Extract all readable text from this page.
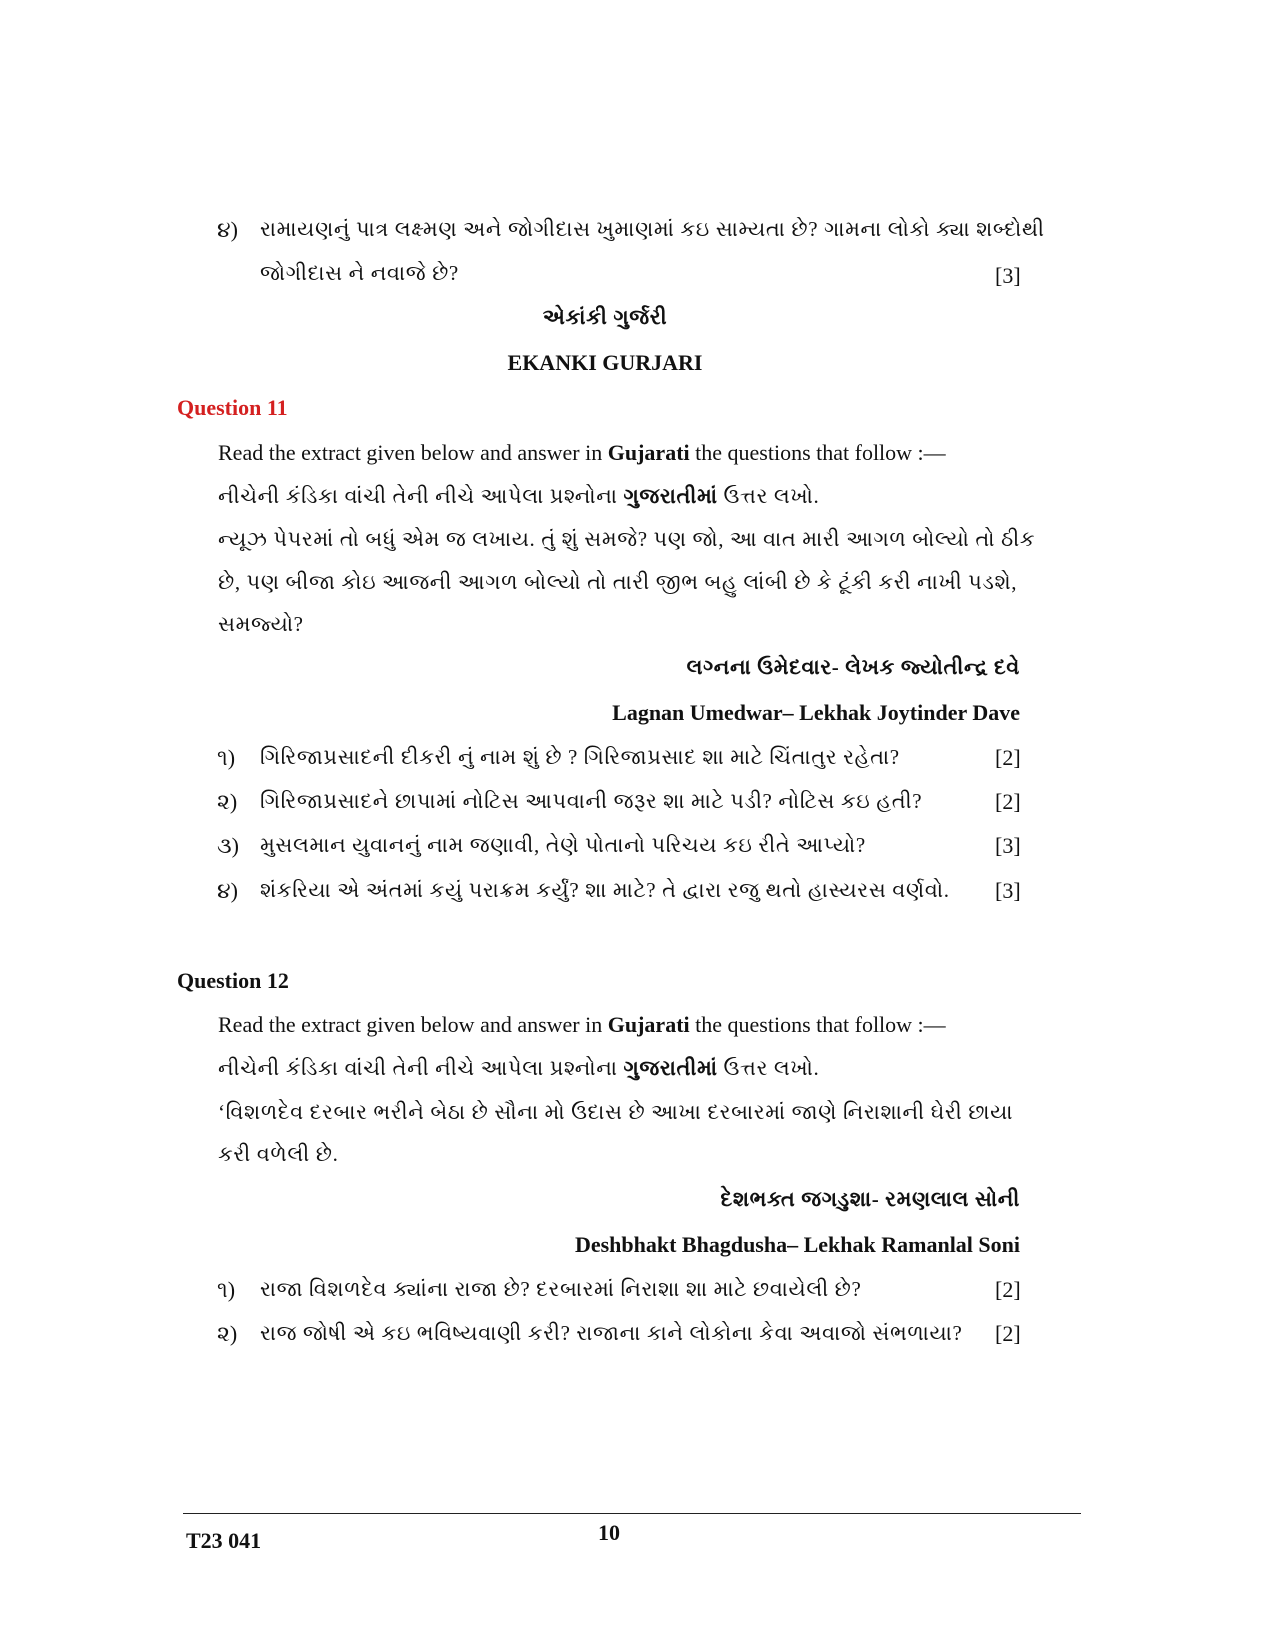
૪) રામાયણનું પાત્ર લક્ષ્મણ અને જોગીદાસ ખુમાણમાં કઇ સામ્યતા છે? ગામના લોકો ક્યા શબ્દોથી
જોગીદાસ ને નવાજે છે?	[3]
એકાંકી ગુર્જરી
EKANKI GURJARI
Question 11
Read the extract given below and answer in Gujarati the questions that follow :—
નીચેની કંડિકા વાંચી તેની નીચે આપેલા પ્રશ્નોના ગુજરાતીમાં ઉત્તર લખો.
ન્યૂઝ પેપરમાં તો બધું એમ જ લખાય. તું શું સમજે? પણ જો, આ વાત મારી આગળ બોલ્યો તો ઠીક
છે, પણ બીજા કોઇ આજની આગળ બોલ્યો તો તારી જીભ બહુ લાંબી છે કે ટૂંકી કરી નાખી પડશે,
સમજ્યો?
લગ્નના ઉમેદવાર- લેખક જ્યોતીન્દ્ર દવે
Lagnan Umedwar– Lekhak Joytinder Dave
૧) ગિરિજાપ્રસાદની દીકરી નું નામ શું છે ? ગિરિજાપ્રસાદ શા માટે ચિંતાતુર રહેતા?	[2]
૨) ગિરિજાપ્રસાદને છાપામાં નોટિસ આપવાની જરૂર શા માટે પડી? નોટિસ કઇ હતી?	[2]
૩) મુસલમાન યુવાનનું નામ જણાવી, તેણે પોતાનો પરિચય કઇ રીતે આપ્યો?	[3]
૪) શંકરિયા એ અંતમાં કયું પરાક્રમ કર્યું? શા માટે? તે દ્વારા રજુ થતો હાસ્યરસ વર્ણવો. [3]
Question 12
Read the extract given below and answer in Gujarati the questions that follow :—
નીચેની કંડિકા વાંચી તેની નીચે આપેલા પ્રશ્નોના ગુજરાતીમાં ઉત્તર લખો.
‘વિશળદેવ દરબાર ભરીને બેઠા છે સૌના મો ઉદાસ છે આખા દરબારમાં જાણે નિરાશાની ઘેરી છાયા
કરી વળેલી છે.
દેશભક્ત જગડુશા- રમણલાલ સોની
Deshbhakt Bhagdusha– Lekhak Ramanlal Soni
૧) રાજા વિશળદેવ ક્યાંના રાજા છે? દરબારમાં નિરાશા શા માટે છવાયેલી છે?	[2]
૨) રાજ જોષી એ કઇ ભવિષ્યવાણી કરી? રાજાના કાને લોકોના કેવા અવાજો સંભળાયા? [2]
T23 041	10
